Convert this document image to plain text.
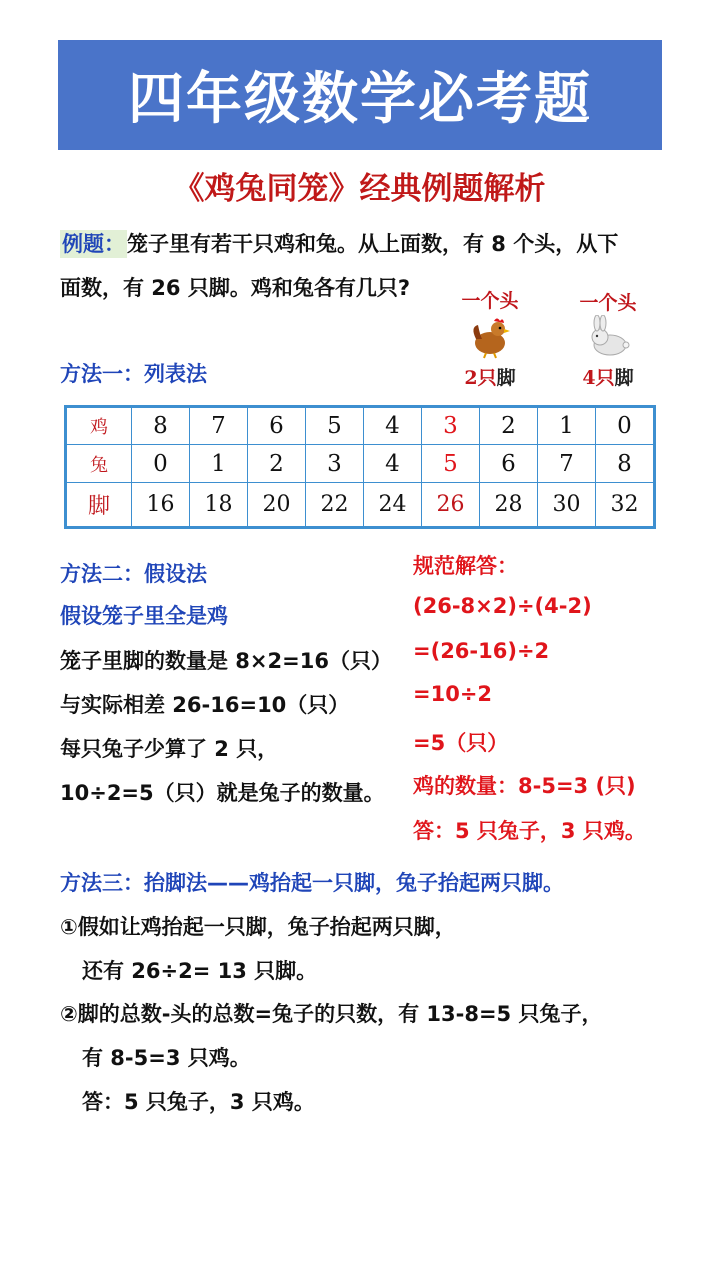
四年级数学必考题
《鸡兔同笼》经典例题解析
例题：笼子里有若干只鸡和兔。从上面数，有 8 个头，从下
面数，有 26 只脚。鸡和兔各有几只?
一个头
2只脚
一个头
4只脚
方法一：列表法
鸡	8	7	6	5	4	3	2	1	0
兔	0	1	2	3	4	5	6	7	8
脚	16	18	20	22	24	26	28	30	32
方法二：假设法
假设笼子里全是鸡
笼子里脚的数量是 8×2=16（只）
与实际相差 26-16=10（只）
每只兔子少算了 2 只，
10÷2=5（只）就是兔子的数量。
规范解答：
(26-8×2)÷(4-2)
=(26-16)÷2
=10÷2
=5（只）
鸡的数量：8-5=3 (只)
答：5 只兔子，3 只鸡。
方法三：抬脚法——鸡抬起一只脚，兔子抬起两只脚。
①假如让鸡抬起一只脚，兔子抬起两只脚，
还有 26÷2= 13 只脚。
②脚的总数-头的总数=兔子的只数，有 13-8=5 只兔子，
有 8-5=3 只鸡。
答：5 只兔子，3 只鸡。
